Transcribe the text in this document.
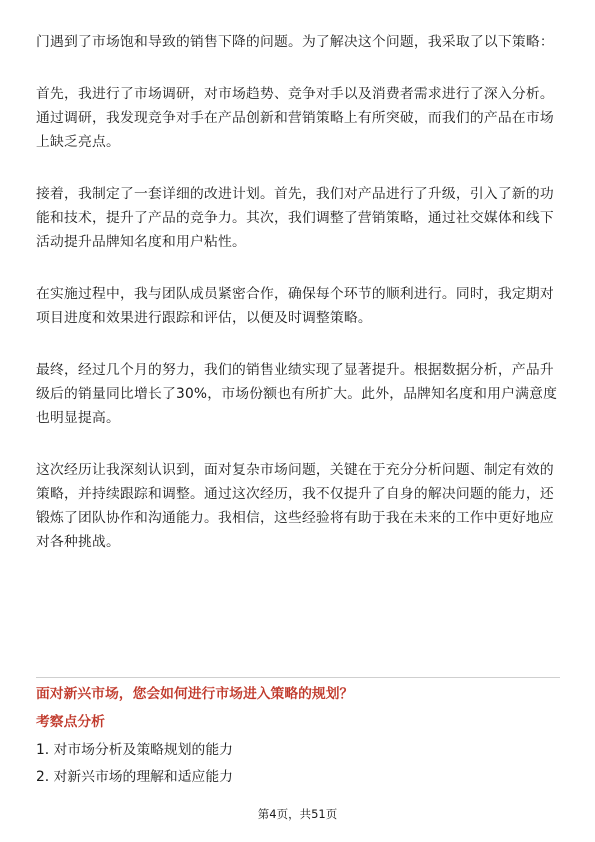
门遇到了市场饱和导致的销售下降的问题。为了解决这个问题，我采取了以下策略：

首先，我进行了市场调研，对市场趋势、竞争对手以及消费者需求进行了深入分析。通过调研，我发现竞争对手在产品创新和营销策略上有所突破，而我们的产品在市场上缺乏亮点。

接着，我制定了一套详细的改进计划。首先，我们对产品进行了升级，引入了新的功能和技术，提升了产品的竞争力。其次，我们调整了营销策略，通过社交媒体和线下活动提升品牌知名度和用户粘性。

在实施过程中，我与团队成员紧密合作，确保每个环节的顺利进行。同时，我定期对项目进度和效果进行跟踪和评估，以便及时调整策略。

最终，经过几个月的努力，我们的销售业绩实现了显著提升。根据数据分析，产品升级后的销量同比增长了30%，市场份额也有所扩大。此外，品牌知名度和用户满意度也明显提高。

这次经历让我深刻认识到，面对复杂市场问题，关键在于充分分析问题、制定有效的策略，并持续跟踪和调整。通过这次经历，我不仅提升了自身的解决问题的能力，还锻炼了团队协作和沟通能力。我相信，这些经验将有助于我在未来的工作中更好地应对各种挑战。

面对新兴市场，您会如何进行市场进入策略的规划？

考察点分析

1. 对市场分析及策略规划的能力

2. 对新兴市场的理解和适应能力

第4页，共51页
